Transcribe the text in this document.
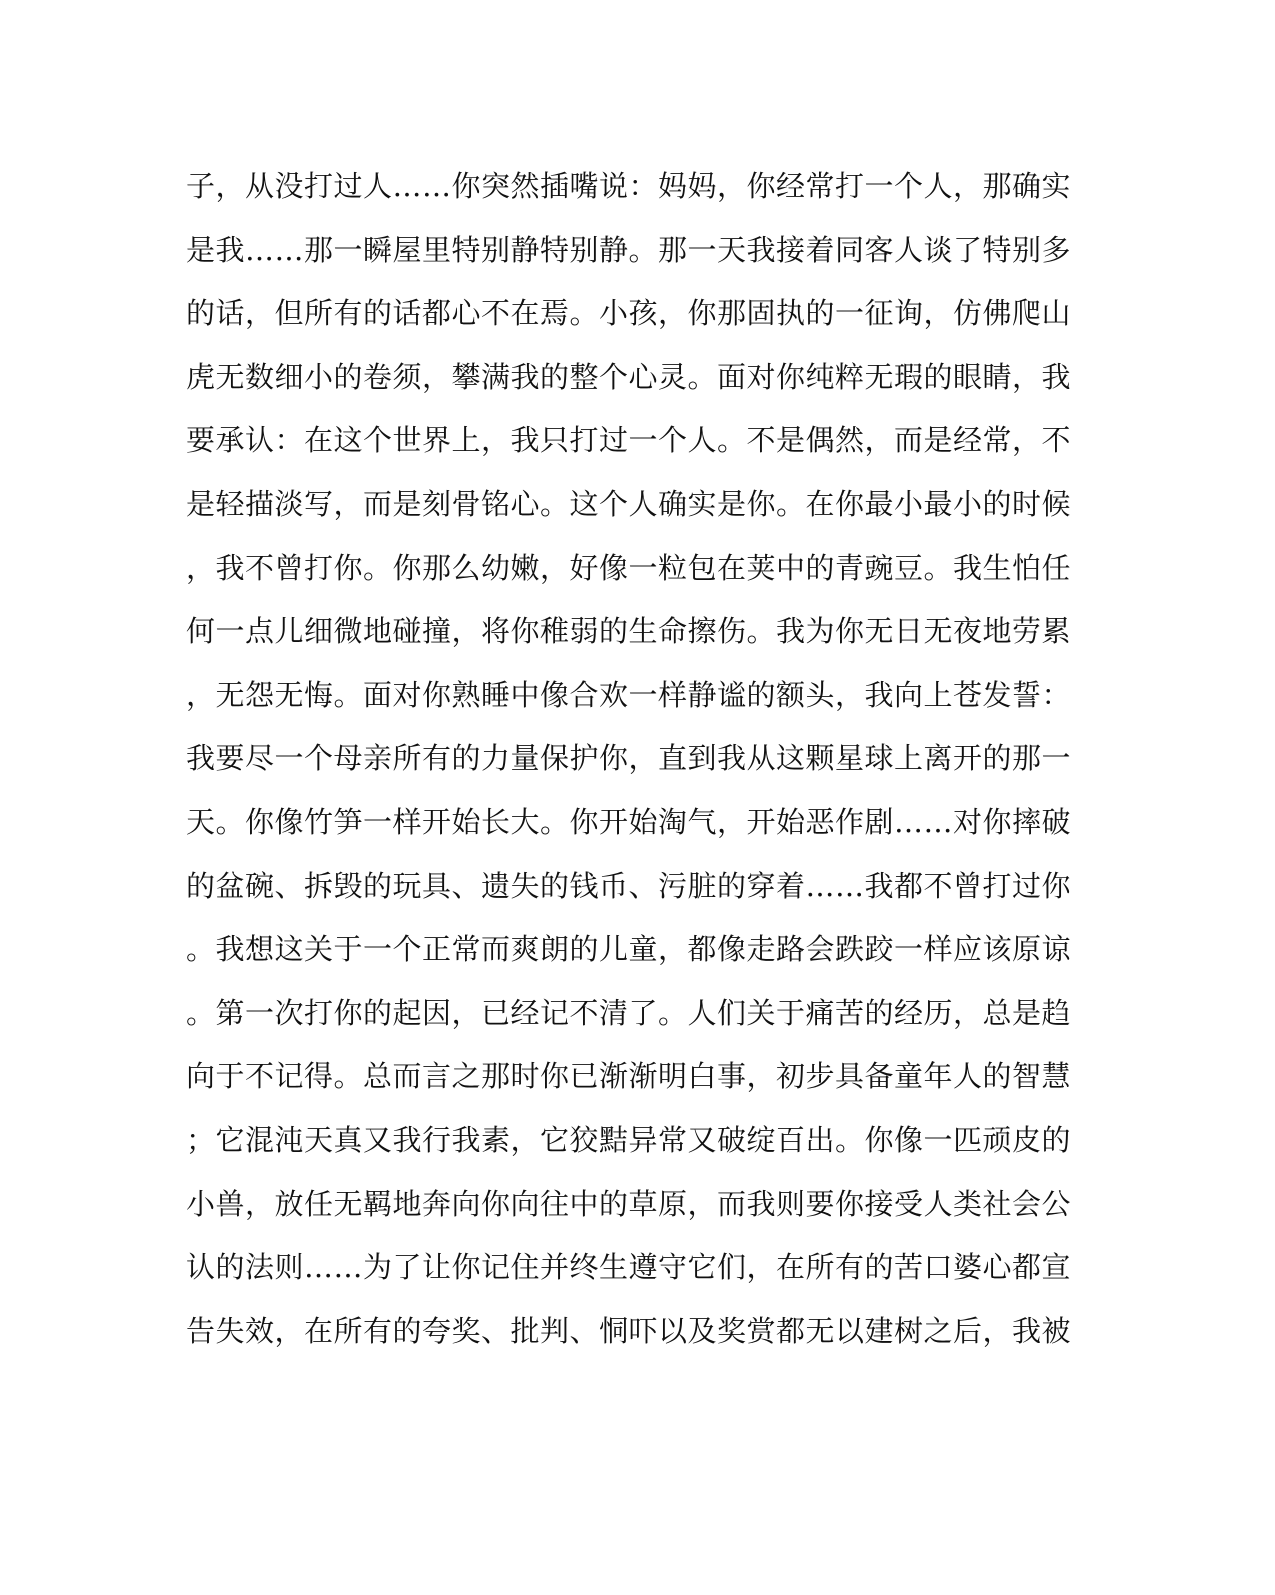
子，从没打过人……你突然插嘴说：妈妈，你经常打一个人，那确实
是我……那一瞬屋里特别静特别静。那一天我接着同客人谈了特别多
的话，但所有的话都心不在焉。小孩，你那固执的一征询，仿佛爬山
虎无数细小的卷须，攀满我的整个心灵。面对你纯粹无瑕的眼睛，我
要承认：在这个世界上，我只打过一个人。不是偶然，而是经常，不
是轻描淡写，而是刻骨铭心。这个人确实是你。在你最小最小的时候
，我不曾打你。你那么幼嫩，好像一粒包在荚中的青豌豆。我生怕任
何一点儿细微地碰撞，将你稚弱的生命擦伤。我为你无日无夜地劳累
，无怨无悔。面对你熟睡中像合欢一样静谧的额头，我向上苍发誓：
我要尽一个母亲所有的力量保护你，直到我从这颗星球上离开的那一
天。你像竹笋一样开始长大。你开始淘气，开始恶作剧……对你摔破
的盆碗、拆毁的玩具、遗失的钱币、污脏的穿着……我都不曾打过你
。我想这关于一个正常而爽朗的儿童，都像走路会跌跤一样应该原谅
。第一次打你的起因，已经记不清了。人们关于痛苦的经历，总是趋
向于不记得。总而言之那时你已渐渐明白事，初步具备童年人的智慧
；它混沌天真又我行我素，它狡黠异常又破绽百出。你像一匹顽皮的
小兽，放任无羁地奔向你向往中的草原，而我则要你接受人类社会公
认的法则……为了让你记住并终生遵守它们，在所有的苦口婆心都宣
告失效，在所有的夸奖、批判、恫吓以及奖赏都无以建树之后，我被
